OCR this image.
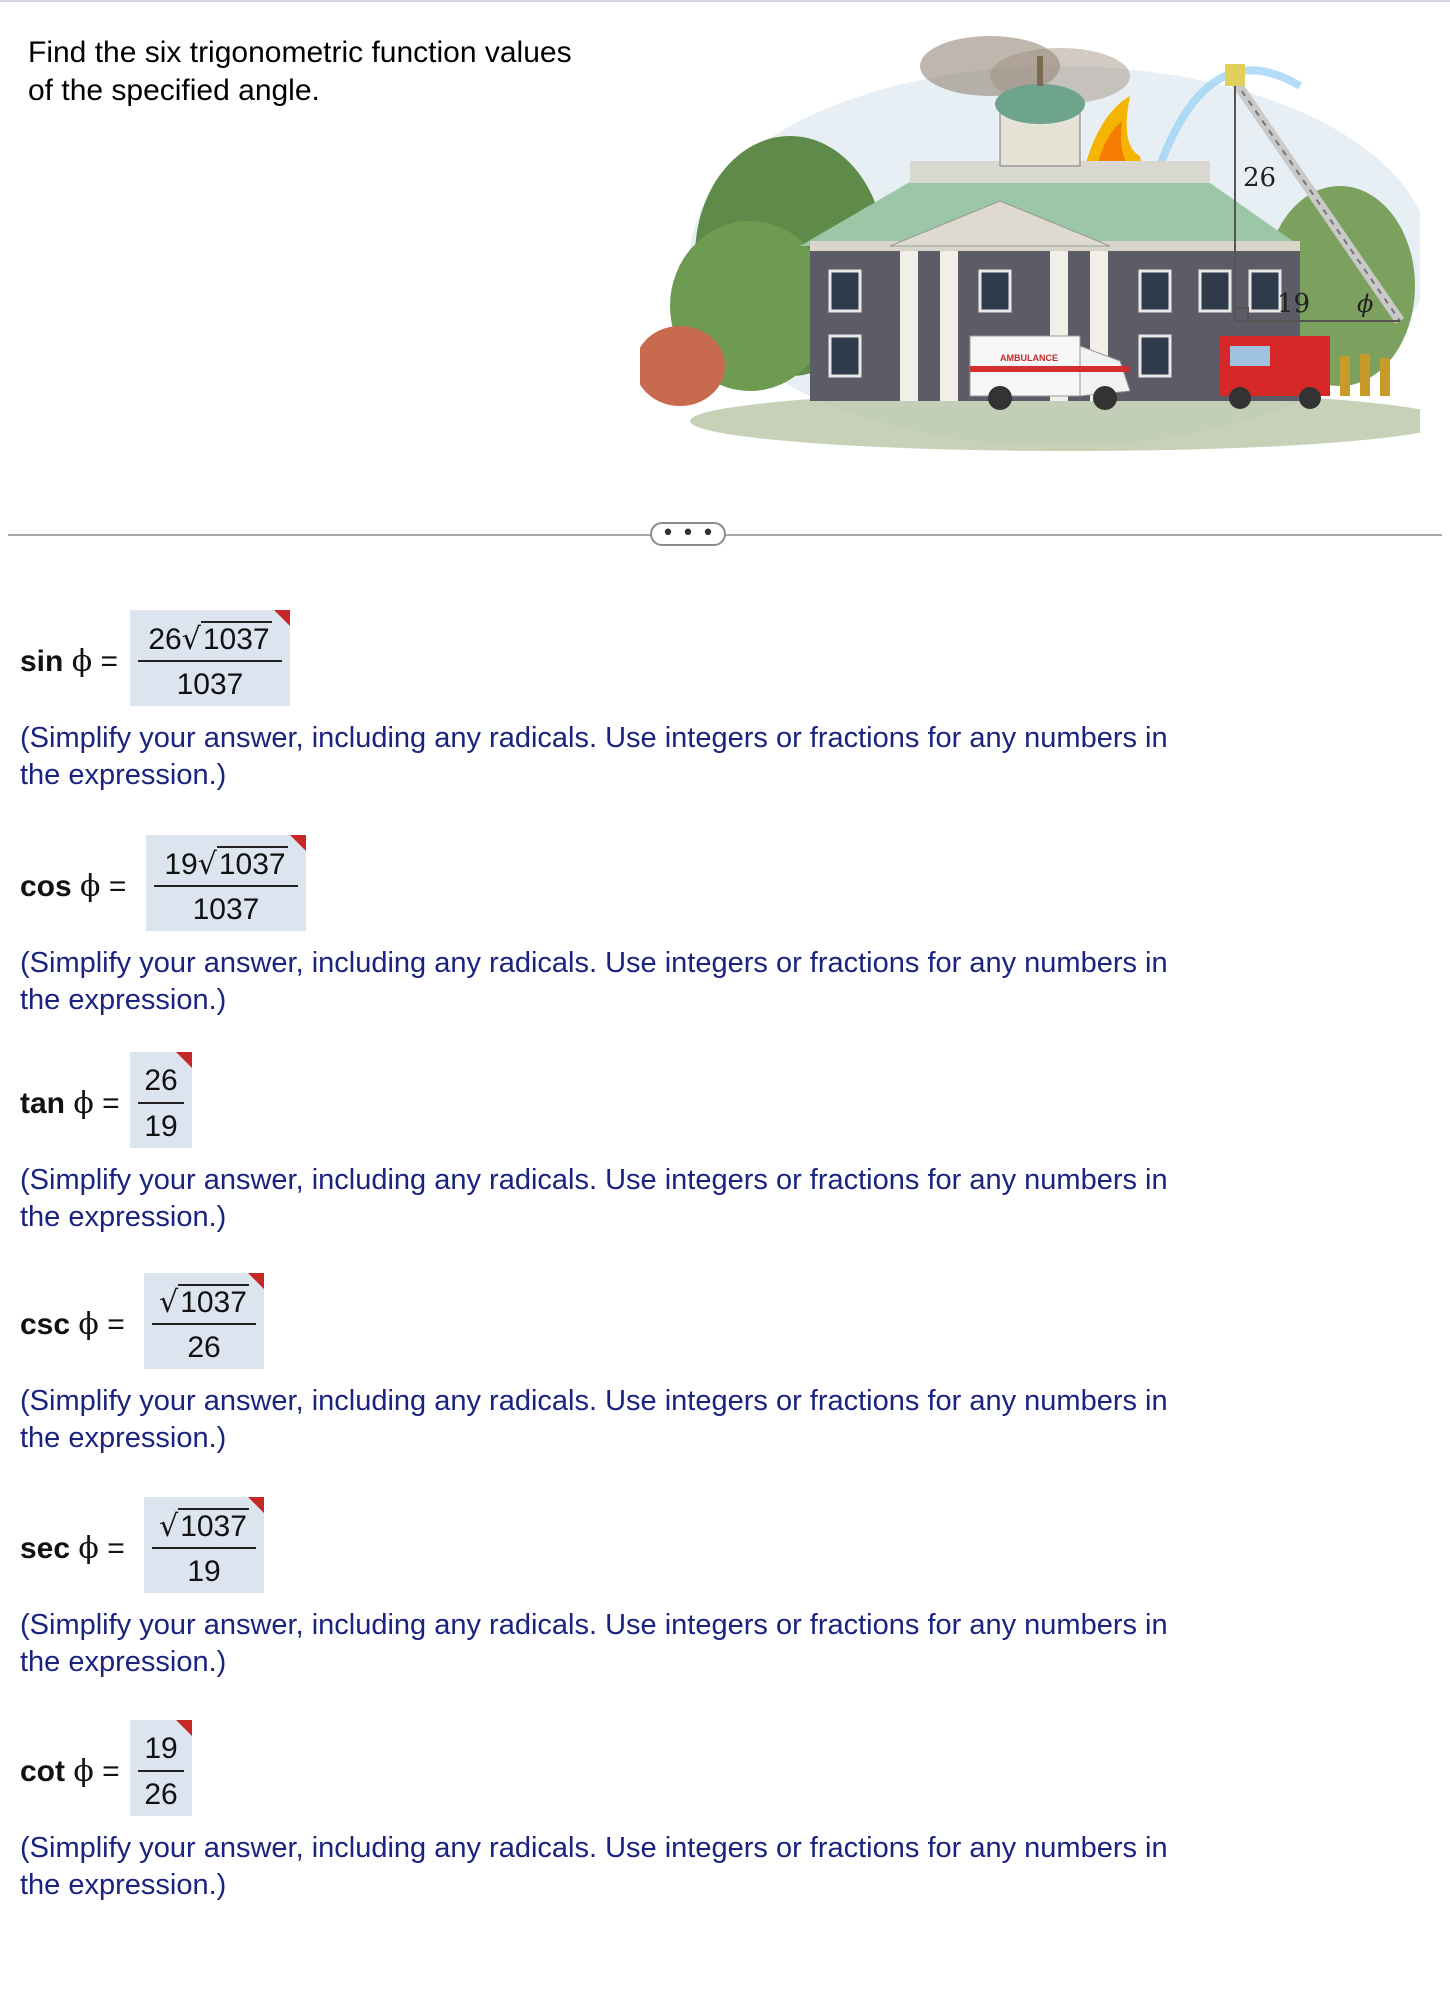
Find the six trigonometric function values
of the specified angle.
AMBULANCE
26
19 ϕ
• • •
sin ϕ =
26√1037
1037
(Simplify your answer, including any radicals. Use integers or fractions for any numbers in
the expression.)
cos ϕ =
19√1037
1037
(Simplify your answer, including any radicals. Use integers or fractions for any numbers in
the expression.)
tan ϕ =
26
19
(Simplify your answer, including any radicals. Use integers or fractions for any numbers in
the expression.)
csc ϕ =
√1037
26
(Simplify your answer, including any radicals. Use integers or fractions for any numbers in
the expression.)
sec ϕ =
√1037
19
(Simplify your answer, including any radicals. Use integers or fractions for any numbers in
the expression.)
cot ϕ =
19
26
(Simplify your answer, including any radicals. Use integers or fractions for any numbers in
the expression.)
